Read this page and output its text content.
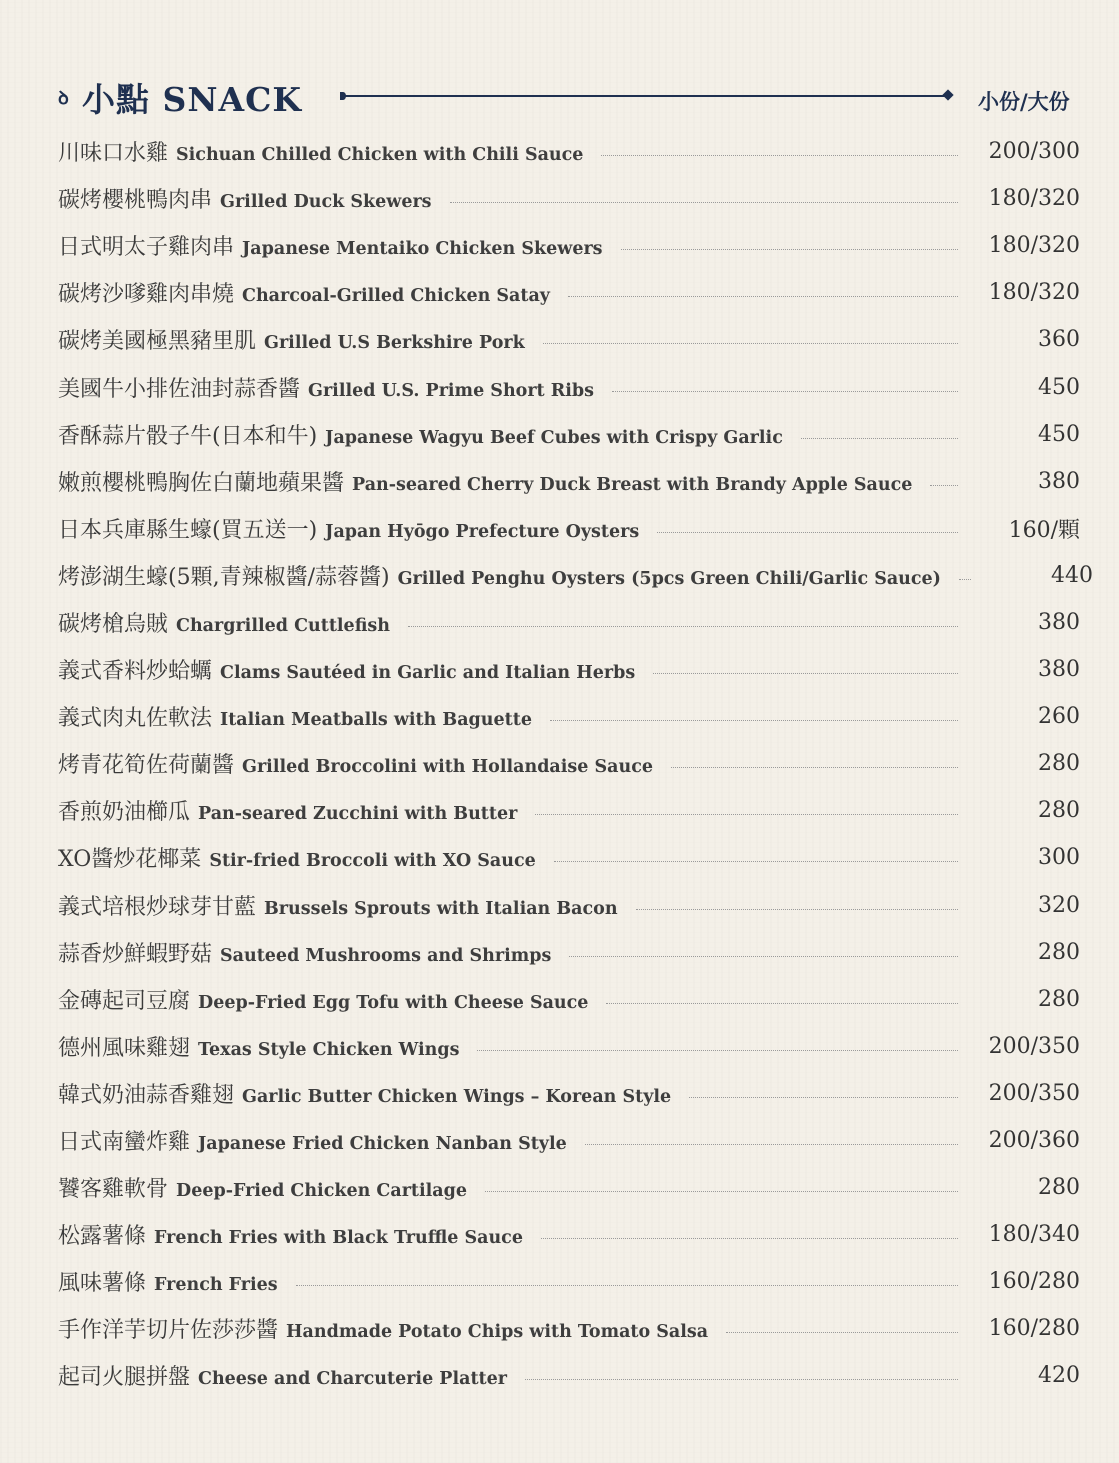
ꝺ 小點 SNACK	小份/大份
川味口水雞 Sichuan Chilled Chicken with Chili Sauce	200/300
碳烤櫻桃鴨肉串 Grilled Duck Skewers	180/320
日式明太子雞肉串 Japanese Mentaiko Chicken Skewers	180/320
碳烤沙嗲雞肉串燒 Charcoal-Grilled Chicken Satay	180/320
碳烤美國極黑豬里肌 Grilled U.S Berkshire Pork	360
美國牛小排佐油封蒜香醬 Grilled U.S. Prime Short Ribs	450
香酥蒜片骰子牛(日本和牛) Japanese Wagyu Beef Cubes with Crispy Garlic	450
嫩煎櫻桃鴨胸佐白蘭地蘋果醬 Pan-seared Cherry Duck Breast with Brandy Apple Sauce	380
日本兵庫縣生蠔(買五送一) Japan Hyōgo Prefecture Oysters	160/顆
烤澎湖生蠔(5顆,青辣椒醬/蒜蓉醬) Grilled Penghu Oysters (5pcs Green Chili/Garlic Sauce)	440
碳烤槍烏賊 Chargrilled Cuttlefish	380
義式香料炒蛤蠣 Clams Sautéed in Garlic and Italian Herbs	380
義式肉丸佐軟法 Italian Meatballs with Baguette	260
烤青花筍佐荷蘭醬 Grilled Broccolini with Hollandaise Sauce	280
香煎奶油櫛瓜 Pan-seared Zucchini with Butter	280
XO醬炒花椰菜 Stir-fried Broccoli with XO Sauce	300
義式培根炒球芽甘藍 Brussels Sprouts with Italian Bacon	320
蒜香炒鮮蝦野菇 Sauteed Mushrooms and Shrimps	280
金磚起司豆腐 Deep-Fried Egg Tofu with Cheese Sauce	280
德州風味雞翅 Texas Style Chicken Wings	200/350
韓式奶油蒜香雞翅 Garlic Butter Chicken Wings – Korean Style	200/350
日式南蠻炸雞 Japanese Fried Chicken Nanban Style	200/360
饕客雞軟骨 Deep-Fried Chicken Cartilage	280
松露薯條 French Fries with Black Truffle Sauce	180/340
風味薯條 French Fries	160/280
手作洋芋切片佐莎莎醬 Handmade Potato Chips with Tomato Salsa	160/280
起司火腿拼盤 Cheese and Charcuterie Platter	420
